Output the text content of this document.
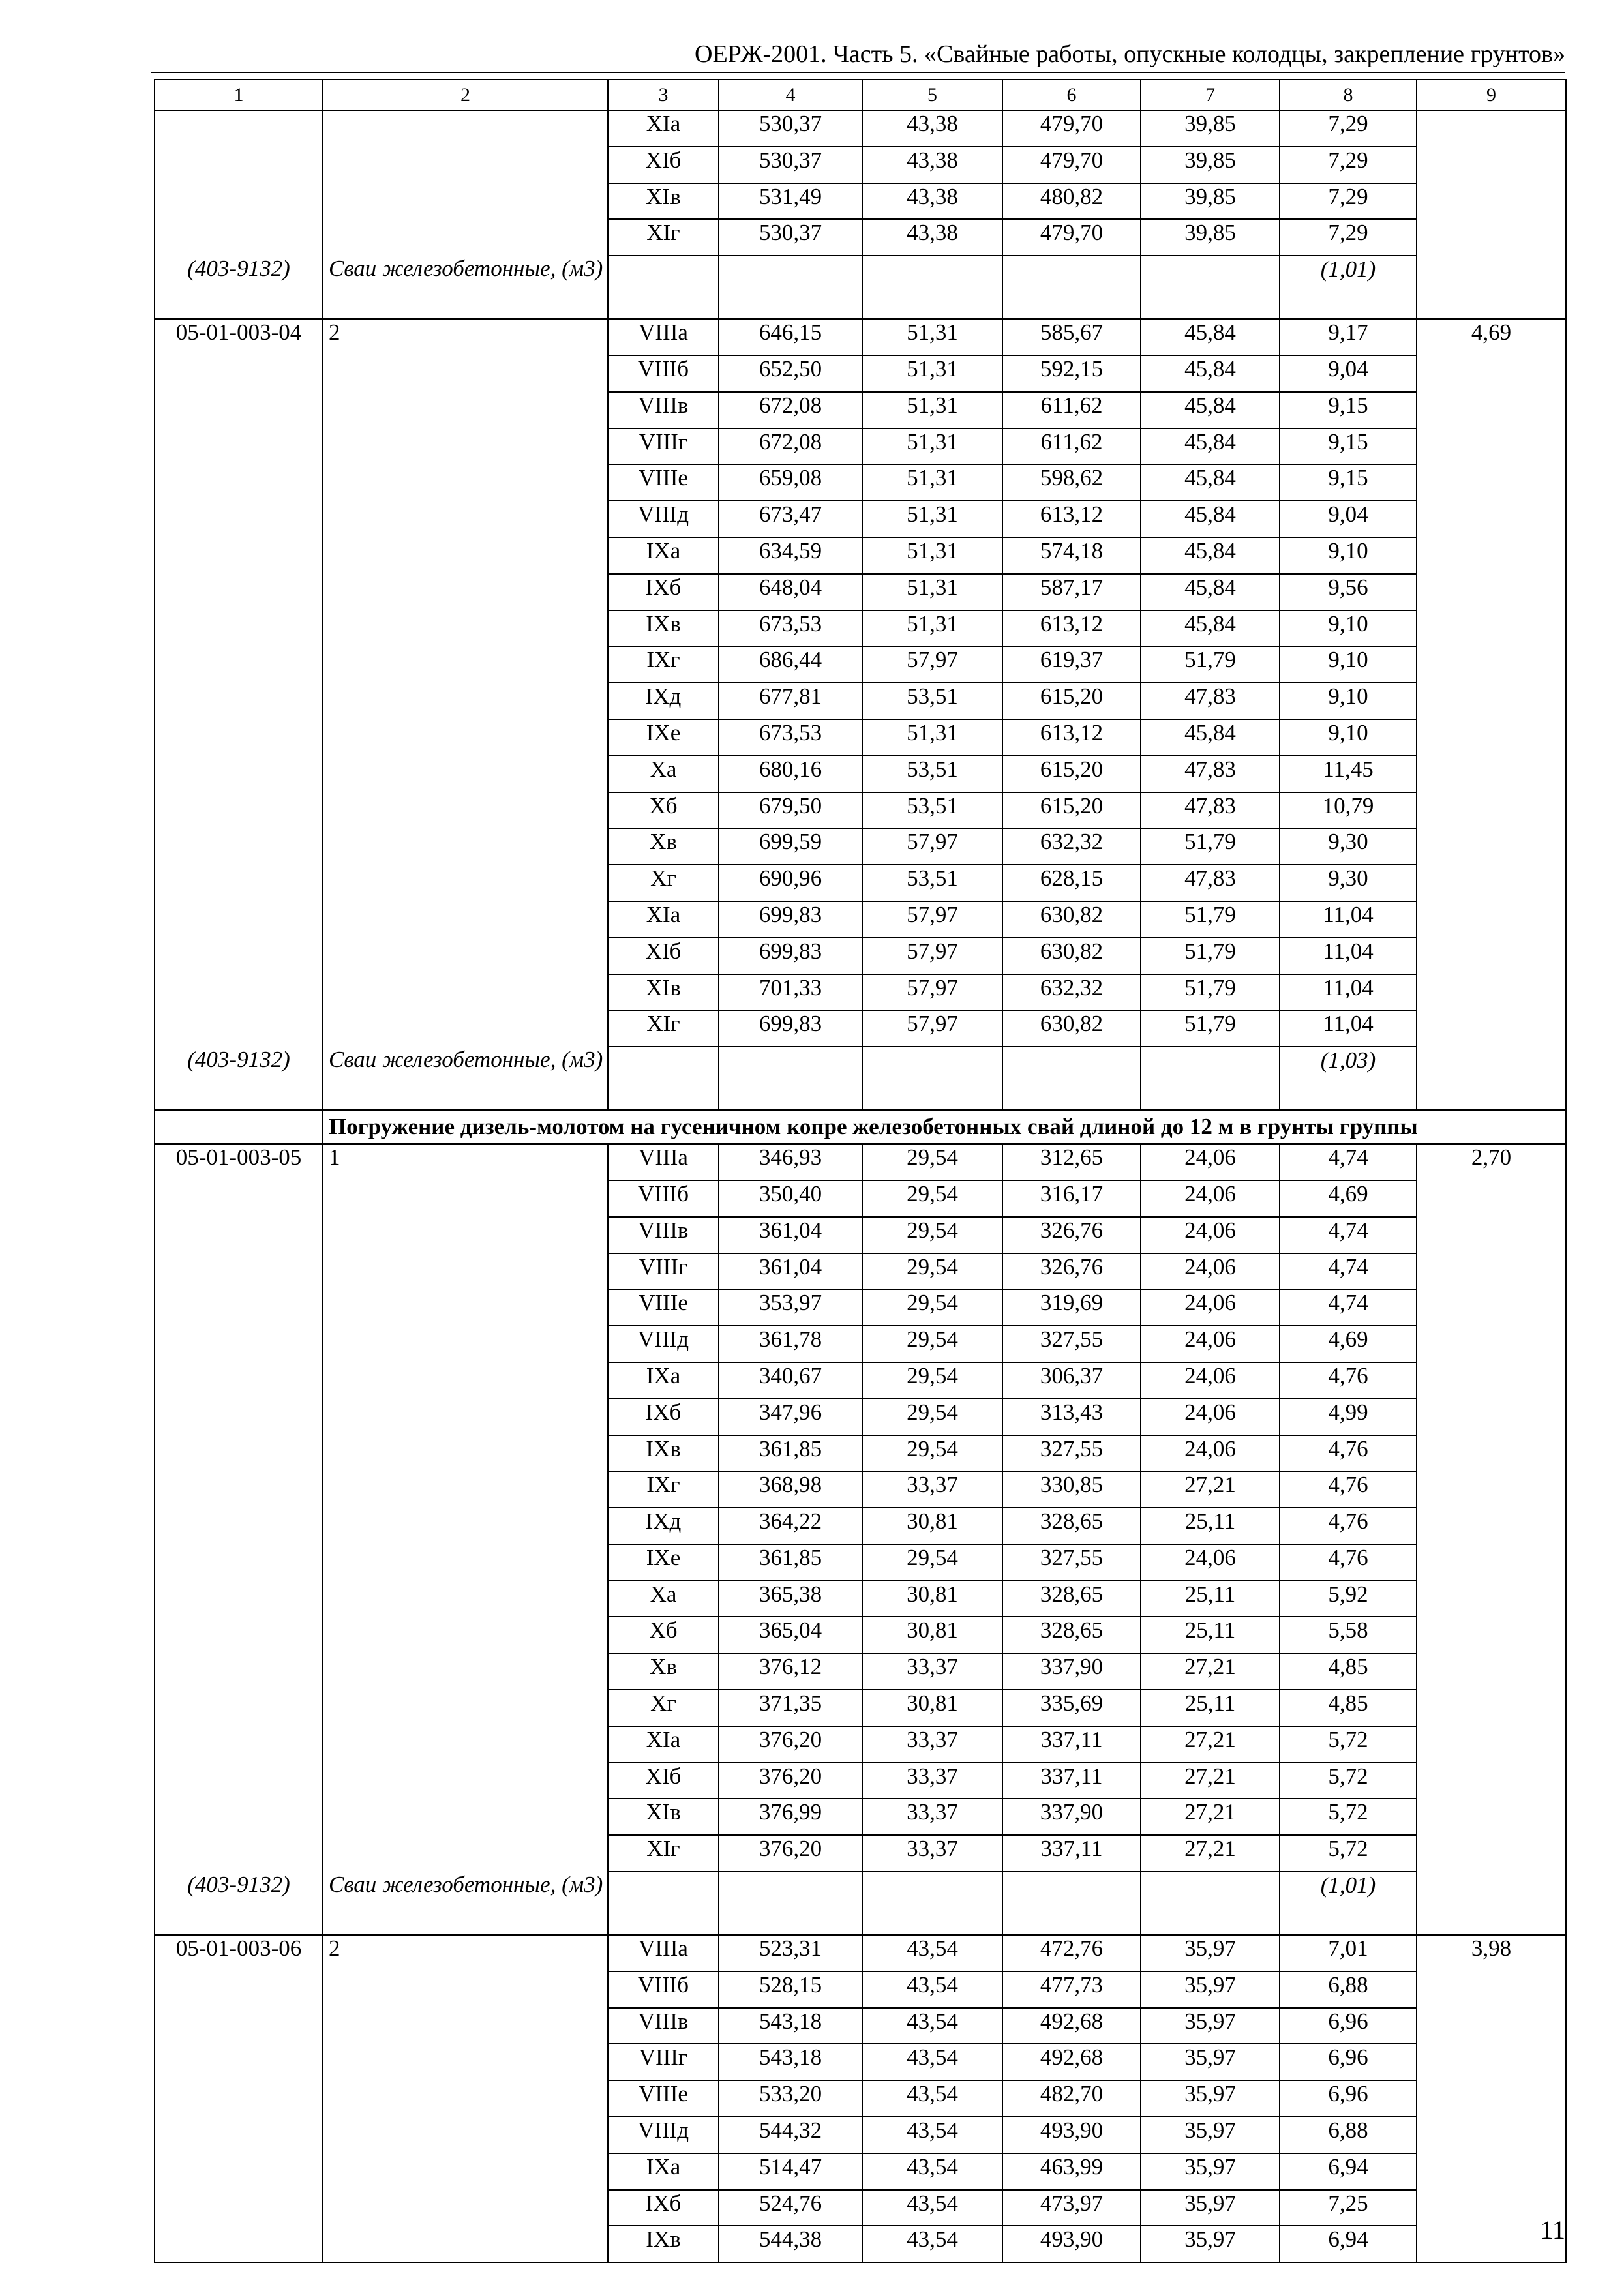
ОЕРЖ-2001. Часть 5. «Свайные работы, опускные колодцы, закрепление грунтов»
1	2	3	4	5	6	7	8	9
		XIа	530,37	43,38	479,70	39,85	7,29	
		XIб	530,37	43,38	479,70	39,85	7,29	
		XIв	531,49	43,38	480,82	39,85	7,29	
		XIг	530,37	43,38	479,70	39,85	7,29	
(403-9132)	Сваи железобетонные, (м3)						(1,01)	
05-01-003-04	2	VIIIа	646,15	51,31	585,67	45,84	9,17	4,69
		VIIIб	652,50	51,31	592,15	45,84	9,04	
		VIIIв	672,08	51,31	611,62	45,84	9,15	
		VIIIг	672,08	51,31	611,62	45,84	9,15	
		VIIIе	659,08	51,31	598,62	45,84	9,15	
		VIIIд	673,47	51,31	613,12	45,84	9,04	
		IXа	634,59	51,31	574,18	45,84	9,10	
		IXб	648,04	51,31	587,17	45,84	9,56	
		IXв	673,53	51,31	613,12	45,84	9,10	
		IXг	686,44	57,97	619,37	51,79	9,10	
		IXд	677,81	53,51	615,20	47,83	9,10	
		IXе	673,53	51,31	613,12	45,84	9,10	
		Xа	680,16	53,51	615,20	47,83	11,45	
		Xб	679,50	53,51	615,20	47,83	10,79	
		Xв	699,59	57,97	632,32	51,79	9,30	
		Xг	690,96	53,51	628,15	47,83	9,30	
		XIа	699,83	57,97	630,82	51,79	11,04	
		XIб	699,83	57,97	630,82	51,79	11,04	
		XIв	701,33	57,97	632,32	51,79	11,04	
		XIг	699,83	57,97	630,82	51,79	11,04	
(403-9132)	Сваи железобетонные, (м3)						(1,03)	
	Погружение дизель-молотом на гусеничном копре железобетонных свай длиной до 12 м в грунты группы							
05-01-003-05	1	VIIIа	346,93	29,54	312,65	24,06	4,74	2,70
		VIIIб	350,40	29,54	316,17	24,06	4,69	
		VIIIв	361,04	29,54	326,76	24,06	4,74	
		VIIIг	361,04	29,54	326,76	24,06	4,74	
		VIIIе	353,97	29,54	319,69	24,06	4,74	
		VIIIд	361,78	29,54	327,55	24,06	4,69	
		IXа	340,67	29,54	306,37	24,06	4,76	
		IXб	347,96	29,54	313,43	24,06	4,99	
		IXв	361,85	29,54	327,55	24,06	4,76	
		IXг	368,98	33,37	330,85	27,21	4,76	
		IXд	364,22	30,81	328,65	25,11	4,76	
		IXе	361,85	29,54	327,55	24,06	4,76	
		Xа	365,38	30,81	328,65	25,11	5,92	
		Xб	365,04	30,81	328,65	25,11	5,58	
		Xв	376,12	33,37	337,90	27,21	4,85	
		Xг	371,35	30,81	335,69	25,11	4,85	
		XIа	376,20	33,37	337,11	27,21	5,72	
		XIб	376,20	33,37	337,11	27,21	5,72	
		XIв	376,99	33,37	337,90	27,21	5,72	
		XIг	376,20	33,37	337,11	27,21	5,72	
(403-9132)	Сваи железобетонные, (м3)						(1,01)	
05-01-003-06	2	VIIIа	523,31	43,54	472,76	35,97	7,01	3,98
		VIIIб	528,15	43,54	477,73	35,97	6,88	
		VIIIв	543,18	43,54	492,68	35,97	6,96	
		VIIIг	543,18	43,54	492,68	35,97	6,96	
		VIIIе	533,20	43,54	482,70	35,97	6,96	
		VIIIд	544,32	43,54	493,90	35,97	6,88	
		IXа	514,47	43,54	463,99	35,97	6,94	
		IXб	524,76	43,54	473,97	35,97	7,25	
		IXв	544,38	43,54	493,90	35,97	6,94		11
